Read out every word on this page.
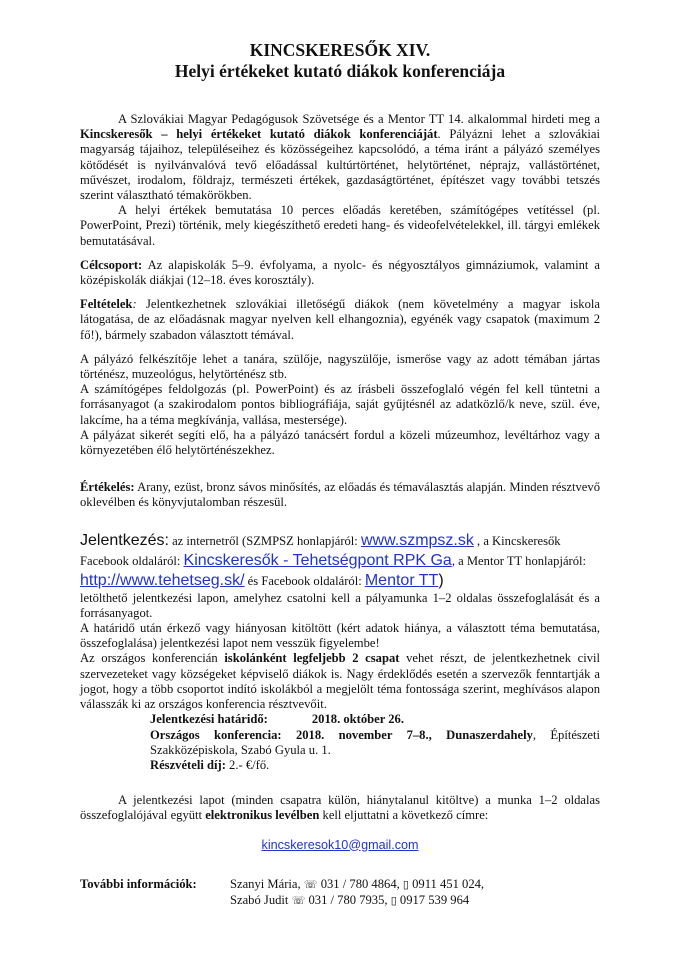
KINCSKERESŐK XIV.
Helyi értékeket kutató diákok konferenciája

A Szlovákiai Magyar Pedagógusok Szövetsége és a Mentor TT 14. alkalommal hirdeti meg a Kincskeresők – helyi értékeket kutató diákok konferenciáját. Pályázni lehet a szlovákiai magyarság tájaihoz, településeihez és közösségeihez kapcsolódó, a téma iránt a pályázó személyes kötődését is nyilvánvalóvá tevő előadással kultúrtörténet, helytörténet, néprajz, vallástörténet, művészet, irodalom, földrajz, természeti értékek, gazdaságtörténet, építészet vagy további tetszés szerint választható témakörökben.

A helyi értékek bemutatása 10 perces előadás keretében, számítógépes vetítéssel (pl. PowerPoint, Prezi) történik, mely kiegészíthető eredeti hang- és videofelvételekkel, ill. tárgyi emlékek bemutatásával.

Célcsoport: Az alapiskolák 5–9. évfolyama, a nyolc- és négyosztályos gimnáziumok, valamint a középiskolák diákjai (12–18. éves korosztály).

Feltételek: Jelentkezhetnek szlovákiai illetőségű diákok (nem követelmény a magyar iskola látogatása, de az előadásnak magyar nyelven kell elhangoznia), egyénék vagy csapatok (maximum 2 fő!), bármely szabadon választott témával.

A pályázó felkészítője lehet a tanára, szülője, nagyszülője, ismerőse vagy az adott témában jártas történész, muzeológus, helytörténész stb.

A számítógépes feldolgozás (pl. PowerPoint) és az írásbeli összefoglaló végén fel kell tüntetni a forrásanyagot (a szakirodalom pontos bibliográfiája, saját gyűjtésnél az adatközlő/k neve, szül. éve, lakcíme, ha a téma megkívánja, vallása, mestersége).

A pályázat sikerét segíti elő, ha a pályázó tanácsért fordul a közeli múzeumhoz, levéltárhoz vagy a környezetében élő helytörténészekhez.

Értékelés: Arany, ezüst, bronz sávos minősítés, az előadás és témaválasztás alapján. Minden résztvevő oklevélben és könyvjutalomban részesül.

Jelentkezés: az internetről (SZMPSZ honlapjáról: www.szmpsz.sk , a Kincskeresők Facebook oldaláról: Kincskeresők - Tehetségpont RPK Ga, a Mentor TT honlapjáról: http://www.tehetseg.sk/ és Facebook oldaláról: Mentor TT)

letölthető jelentkezési lapon, amelyhez csatolni kell a pályamunka 1–2 oldalas összefoglalását és a forrásanyagot.

A határidő után érkező vagy hiányosan kitöltött (kért adatok hiánya, a választott téma bemutatása, összefoglalása) jelentkezési lapot nem vesszük figyelembe!

Az országos konferencián iskolánként legfeljebb 2 csapat vehet részt, de jelentkezhetnek civil szervezeteket vagy községeket képviselő diákok is. Nagy érdeklődés esetén a szervezők fenntartják a jogot, hogy a több csoportot indító iskolákból a megjelölt téma fontossága szerint, meghívásos alapon válasszák ki az országos konferencia résztvevőit.

Jelentkezési határidő:	2018. október 26.

Országos konferencia: 2018. november 7–8., Dunaszerdahely, Építészeti Szakközépiskola, Szabó Gyula u. 1.

Részvételi díj: 2.- €/fő.

A jelentkezési lapot (minden csapatra külön, hiánytalanul kitöltve) a munka 1–2 oldalas összefoglalójával együtt elektronikus levélben kell eljuttatni a következő címre:

kincskeresok10@gmail.com
További információk:	Szanyi Mária, ☏ 031 / 780 4864, ▯ 0911 451 024,
Szabó Judit ☏ 031 / 780 7935, ▯ 0917 539 964
